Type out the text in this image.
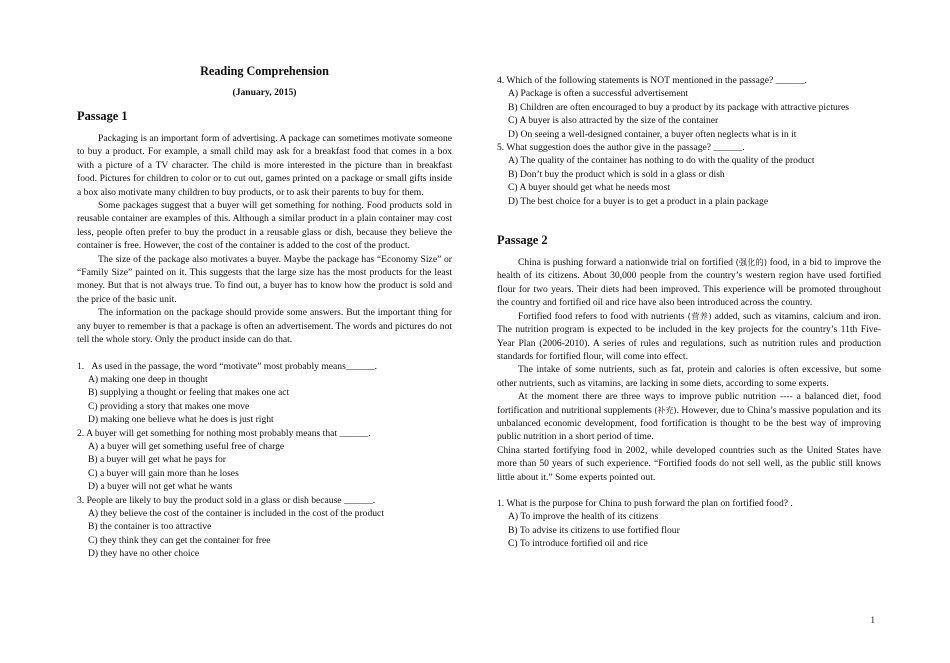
Reading Comprehension
(January, 2015)
Passage 1

Packaging is an important form of advertising. A package can sometimes motivate someone to buy a product. For example, a small child may ask for a breakfast food that comes in a box with a picture of a TV character. The child is more interested in the picture than in breakfast food. Pictures for children to color or to cut out, games printed on a package or small gifts inside a box also motivate many children to buy products, or to ask their parents to buy for them.

Some packages suggest that a buyer will get something for nothing. Food products sold in reusable container are examples of this. Although a similar product in a plain container may cost less, people often prefer to buy the product in a reusable glass or dish, because they believe the container is free. However, the cost of the container is added to the cost of the product.

The size of the package also motivates a buyer. Maybe the package has “Economy Size” or “Family Size” painted on it. This suggests that the large size has the most products for the least money. But that is not always true. To find out, a buyer has to know how the product is sold and the price of the basic unit.

The information on the package should provide some answers. But the important thing for any buyer to remember is that a package is often an advertisement. The words and pictures do not tell the whole story. Only the product inside can do that.

1.   As used in the passage, the word “motivate” most probably means______.
A) making one deep in thought
B) supplying a thought or feeling that makes one act
C) providing a story that makes one move
D) making one believe what he does is just right
2. A buyer will get something for nothing most probably means that ______.
A) a buyer will get something useful free of charge
B) a buyer will get what he pays for
C) a buyer will gain more than he loses
D) a buyer will not get what he wants
3. People are likely to buy the product sold in a glass or dish because ______.
A) they believe the cost of the container is included in the cost of the product
B) the container is too attractive
C) they think they can get the container for free
D) they have no other choice
4. Which of the following statements is NOT mentioned in the passage? ______.
A) Package is often a successful advertisement
B) Children are often encouraged to buy a product by its package with attractive pictures
C) A buyer is also attracted by the size of the container
D) On seeing a well-designed container, a buyer often neglects what is in it
5. What suggestion does the author give in the passage? ______.
A) The quality of the container has nothing to do with the quality of the product
B) Don’t buy the product which is sold in a glass or dish
C) A buyer should get what he needs most
D) The best choice for a buyer is to get a product in a plain package
Passage 2

China is pushing forward a nationwide trial on fortified (强化的) food, in a bid to improve the health of its citizens. About 30,000 people from the country’s western region have used fortified flour for two years. Their diets had been improved. This experience will be promoted throughout the country and fortified oil and rice have also been introduced across the country.

Fortified food refers to food with nutrients (营养) added, such as vitamins, calcium and iron. The nutrition program is expected to be included in the key projects for the country’s 11th Five-Year Plan (2006-2010). A series of rules and regulations, such as nutrition rules and production standards for fortified flour, will come into effect.

The intake of some nutrients, such as fat, protein and calories is often excessive, but some other nutrients, such as vitamins, are lacking in some diets, according to some experts.

At the moment there are three ways to improve public nutrition ---- a balanced diet, food fortification and nutritional supplements (补充). However, due to China’s massive population and its unbalanced economic development, food fortification is thought to be the best way of improving public nutrition in a short period of time.

China started fortifying food in 2002, while developed countries such as the United States have more than 50 years of such experience. “Fortified foods do not sell well, as the public still knows little about it.” Some experts pointed out.

1. What is the purpose for China to push forward the plan on fortified food? .
A) To improve the health of its citizens
B) To advise its citizens to use fortified flour
C) To introduce fortified oil and rice
1
